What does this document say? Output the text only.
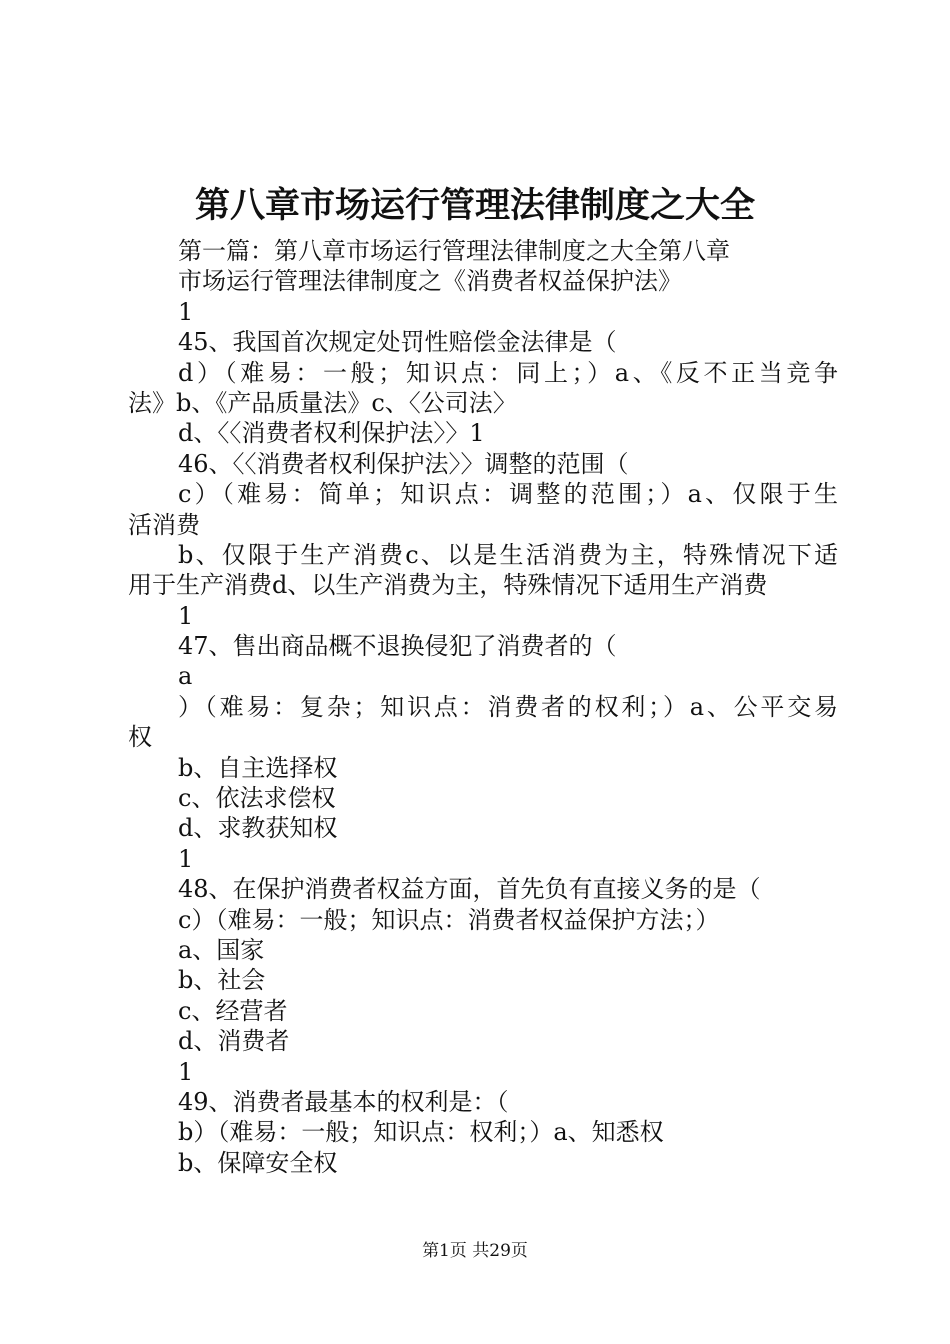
第八章市场运行管理法律制度之大全
第一篇：第八章市场运行管理法律制度之大全第八章
市场运行管理法律制度之《消费者权益保护法》
1
45、我国首次规定处罚性赔偿金法律是（
d）（难易：一般；知识点：同上；）a、《反不正当竞争
法》b、《产品质量法》c、〈公司法〉
d、〈〈消费者权利保护法〉〉1
46、〈〈消费者权利保护法〉〉调整的范围（
c）（难易：简单；知识点：调整的范围；）a、仅限于生
活消费
b、仅限于生产消费c、以是生活消费为主，特殊情况下适
用于生产消费d、以生产消费为主，特殊情况下适用生产消费
1
47、售出商品概不退换侵犯了消费者的（
a
）（难易：复杂；知识点：消费者的权利；）a、公平交易
权
b、自主选择权
c、依法求偿权
d、求教获知权
1
48、在保护消费者权益方面，首先负有直接义务的是（
c）（难易：一般；知识点：消费者权益保护方法；）
a、国家
b、社会
c、经营者
d、消费者
1
49、消费者最基本的权利是：（
b）（难易：一般；知识点：权利；）a、知悉权
b、保障安全权
第1页 共29页
